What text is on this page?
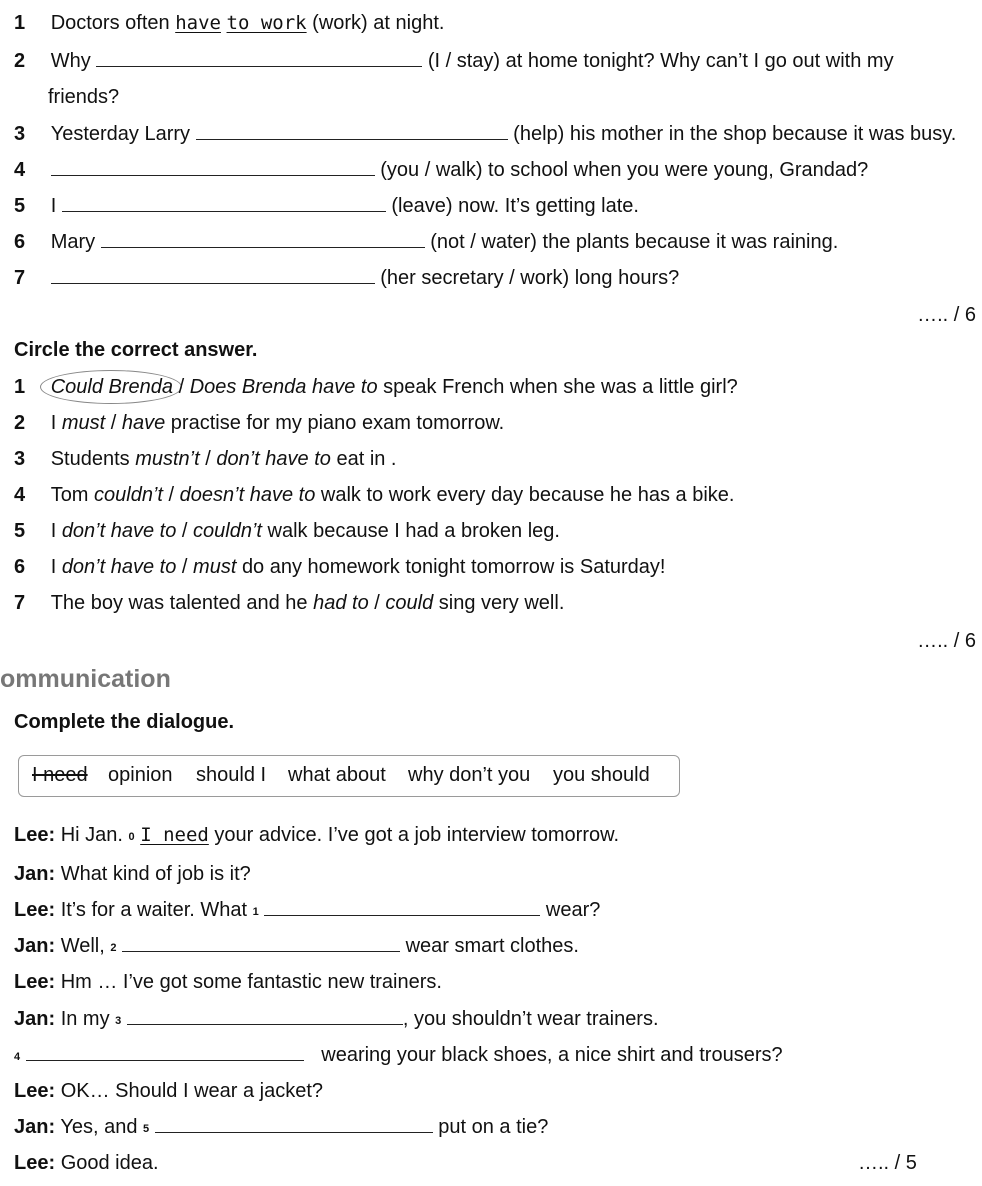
1 Doctors often have to work (work) at night.
2 Why	(I / stay) at home tonight? Why can’t I go out with my
friends?
3 Yesterday Larry	(help) his mother in the shop because it was busy.
4	(you / walk) to school when you were young, Grandad?
5 I	(leave) now. It’s getting late.
6 Mary	(not / water) the plants because it was raining.
7	(her secretary / work) long hours?
….. / 6
Circle the correct answer.
1 Could Brenda / Does Brenda have to speak French when she was a little girl?
2 I must / have practise for my piano exam tomorrow.
3 Students mustn’t / don’t have to eat in .
4 Tom couldn’t / doesn’t have to walk to work every day because he has a bike.
5 I don’t have to / couldn’t walk because I had a broken leg.
6 I don’t have to / must do any homework tonight tomorrow is Saturday!
7 The boy was talented and he had to / could sing very well.
….. / 6
ommunication
Complete the dialogue.
I need opinion should I what about why don’t you you should
Lee: Hi Jan. $^0$ I need your advice. I’ve got a job interview tomorrow.
Jan: What kind of job is it?
Lee: It’s for a waiter. What $^1$	wear?
Jan: Well, $^2$	wear smart clothes.
Lee: Hm … I’ve got some fantastic new trainers.
Jan: In my $^3$	, you shouldn’t wear trainers.
$^4$	wearing your black shoes, a nice shirt and trousers?
Lee: OK… Should I wear a jacket?
Jan: Yes, and $^5$	put on a tie?
Lee: Good idea.	….. / 5
